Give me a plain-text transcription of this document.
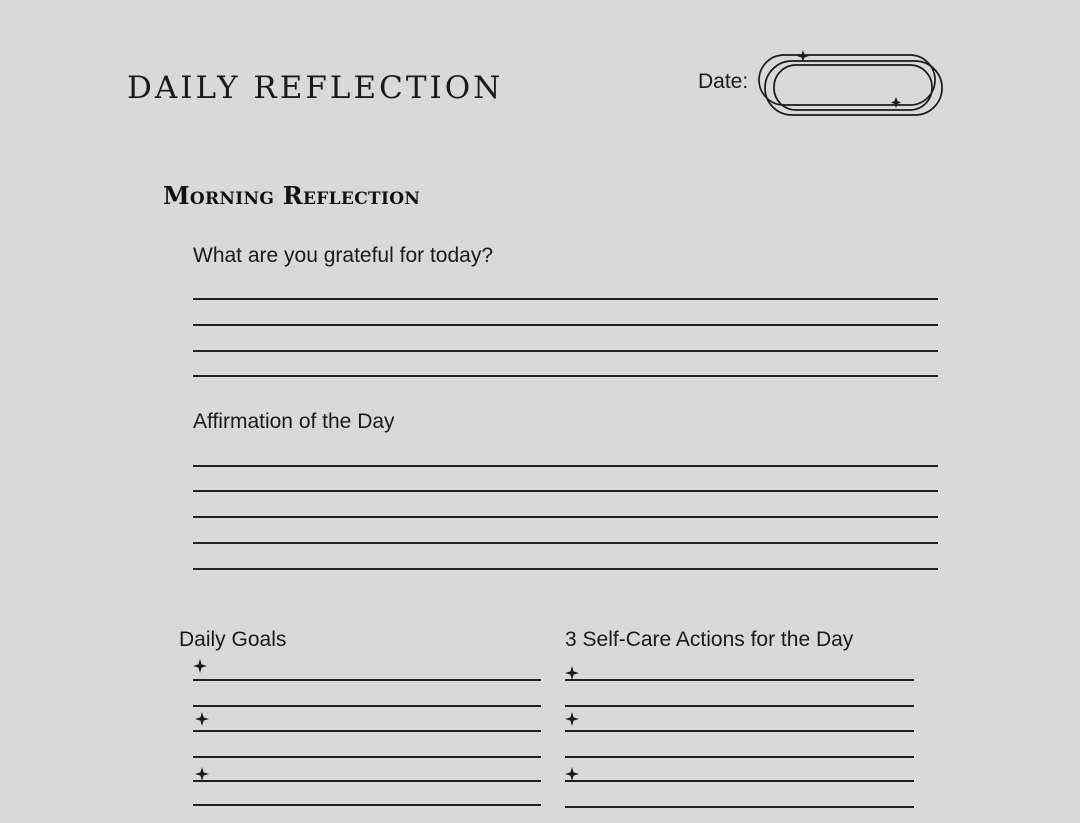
DAILY REFLECTION	Date:
Morning Reflection
What are you grateful for today?
Affirmation of the Day
Daily Goals	3 Self-Care Actions for the Day
